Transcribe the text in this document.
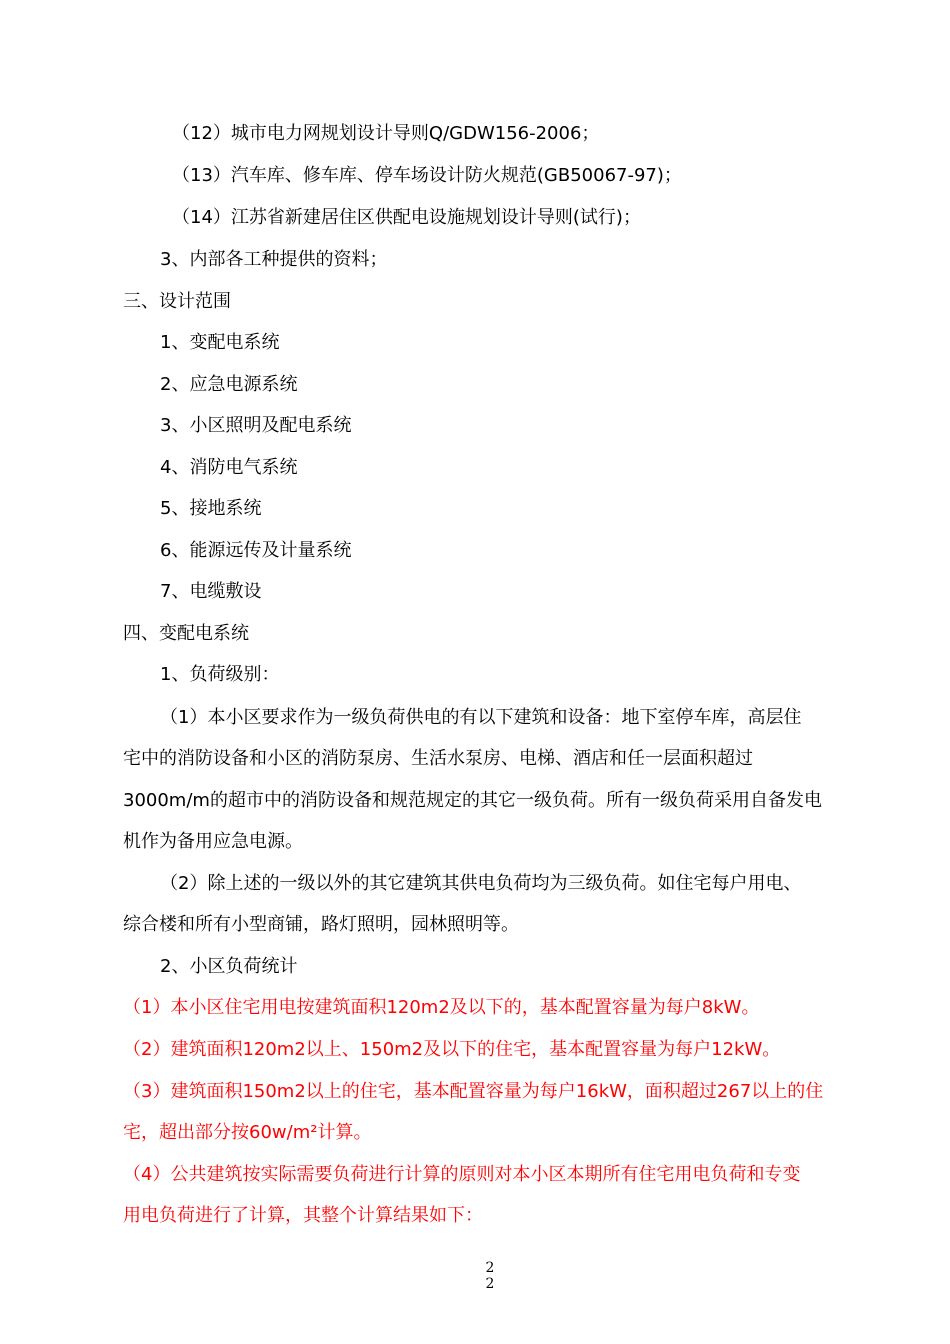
（12）城市电力网规划设计导则Q/GDW156-2006；
（13）汽车库、修车库、停车场设计防火规范(GB50067-97)；
（14）江苏省新建居住区供配电设施规划设计导则(试行)；
3、内部各工种提供的资料；
三、设计范围
1、变配电系统
2、应急电源系统
3、小区照明及配电系统
4、消防电气系统
5、接地系统
6、能源远传及计量系统
7、电缆敷设
四、变配电系统
1、负荷级别：
（1）本小区要求作为一级负荷供电的有以下建筑和设备：地下室停车库，高层住
宅中的消防设备和小区的消防泵房、生活水泵房、电梯、酒店和任一层面积超过
3000m/m的超市中的消防设备和规范规定的其它一级负荷。所有一级负荷采用自备发电
机作为备用应急电源。
（2）除上述的一级以外的其它建筑其供电负荷均为三级负荷。如住宅每户用电、
综合楼和所有小型商铺，路灯照明，园林照明等。
2、小区负荷统计
（1）本小区住宅用电按建筑面积120m2及以下的，基本配置容量为每户8kW。
（2）建筑面积120m2以上、150m2及以下的住宅，基本配置容量为每户12kW。
（3）建筑面积150m2以上的住宅，基本配置容量为每户16kW，面积超过267以上的住
宅，超出部分按60w/m²计算。
（4）公共建筑按实际需要负荷进行计算的原则对本小区本期所有住宅用电负荷和专变
用电负荷进行了计算，其整个计算结果如下：
2
2
